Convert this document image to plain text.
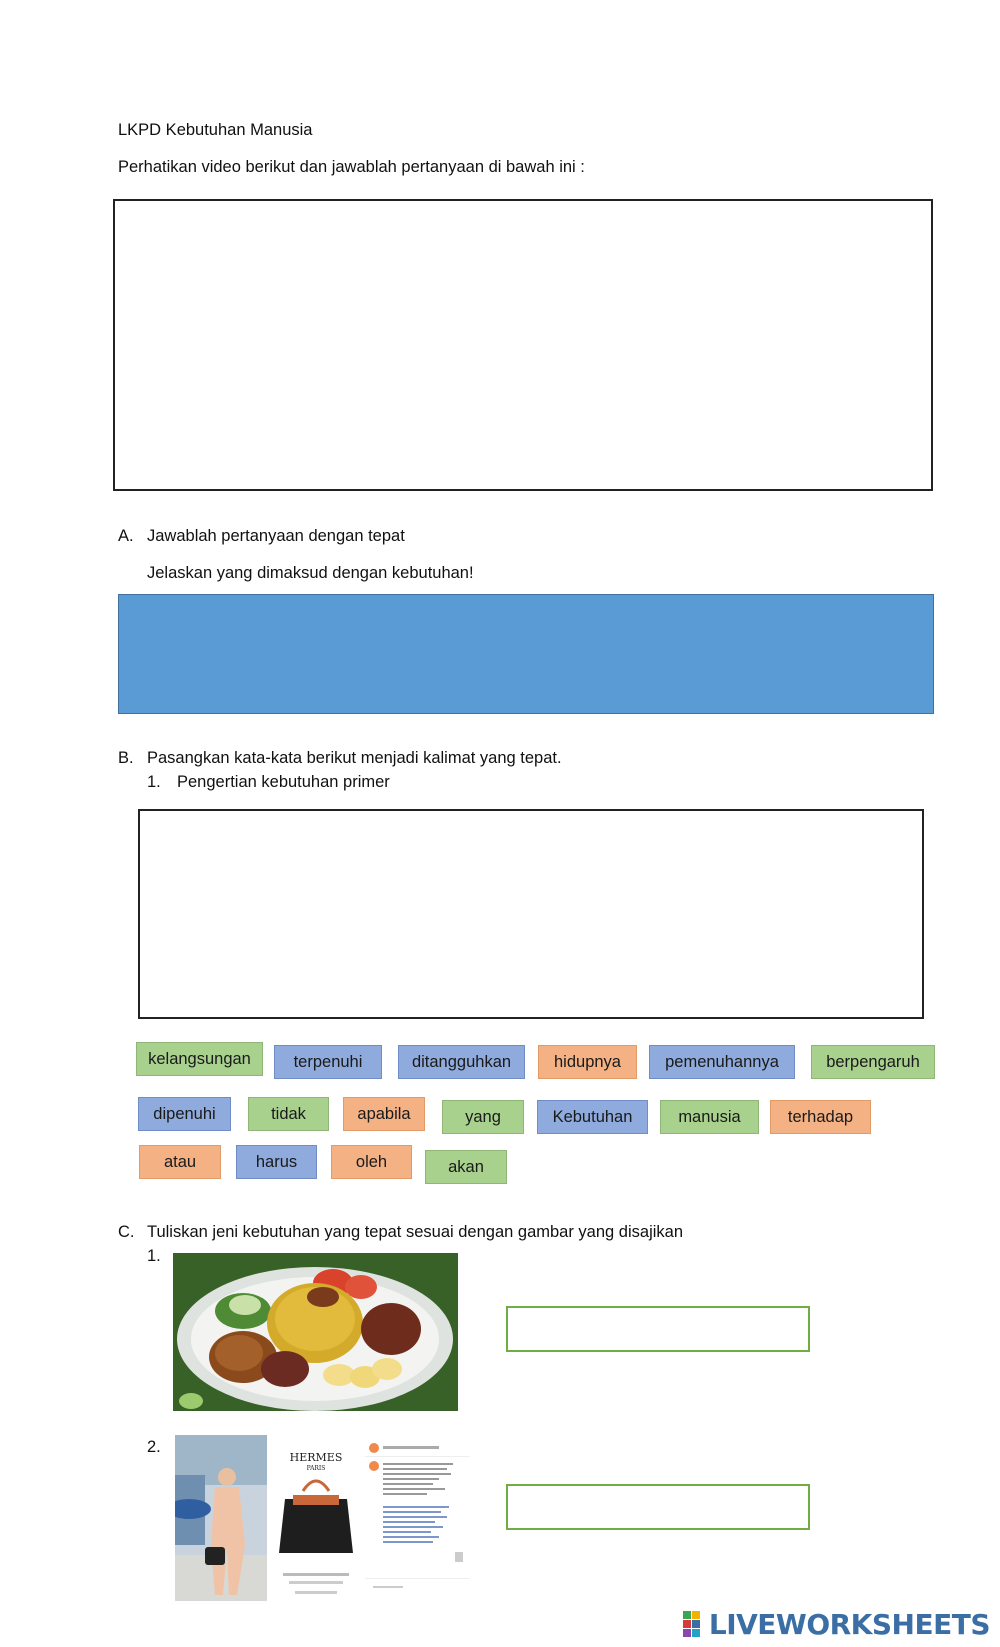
LKPD Kebutuhan Manusia
Perhatikan video berikut dan jawablah pertanyaan di bawah ini :
A. Jawablah pertanyaan dengan tepat
Jelaskan yang dimaksud dengan kebutuhan!
B. Pasangkan kata-kata berikut menjadi kalimat yang tepat.
1. Pengertian kebutuhan primer
kelangsungan	terpenuhi	ditangguhkan	hidupnya	pemenuhannya	berpengaruh
dipenuhi	tidak	apabila	yang	Kebutuhan	manusia	terhadap
atau	harus	oleh	akan
C. Tuliskan jeni kebutuhan yang tepat sesuai dengan gambar yang disajikan
1.
2.
HERMES
PARIS
LIVEWORKSHEETS
